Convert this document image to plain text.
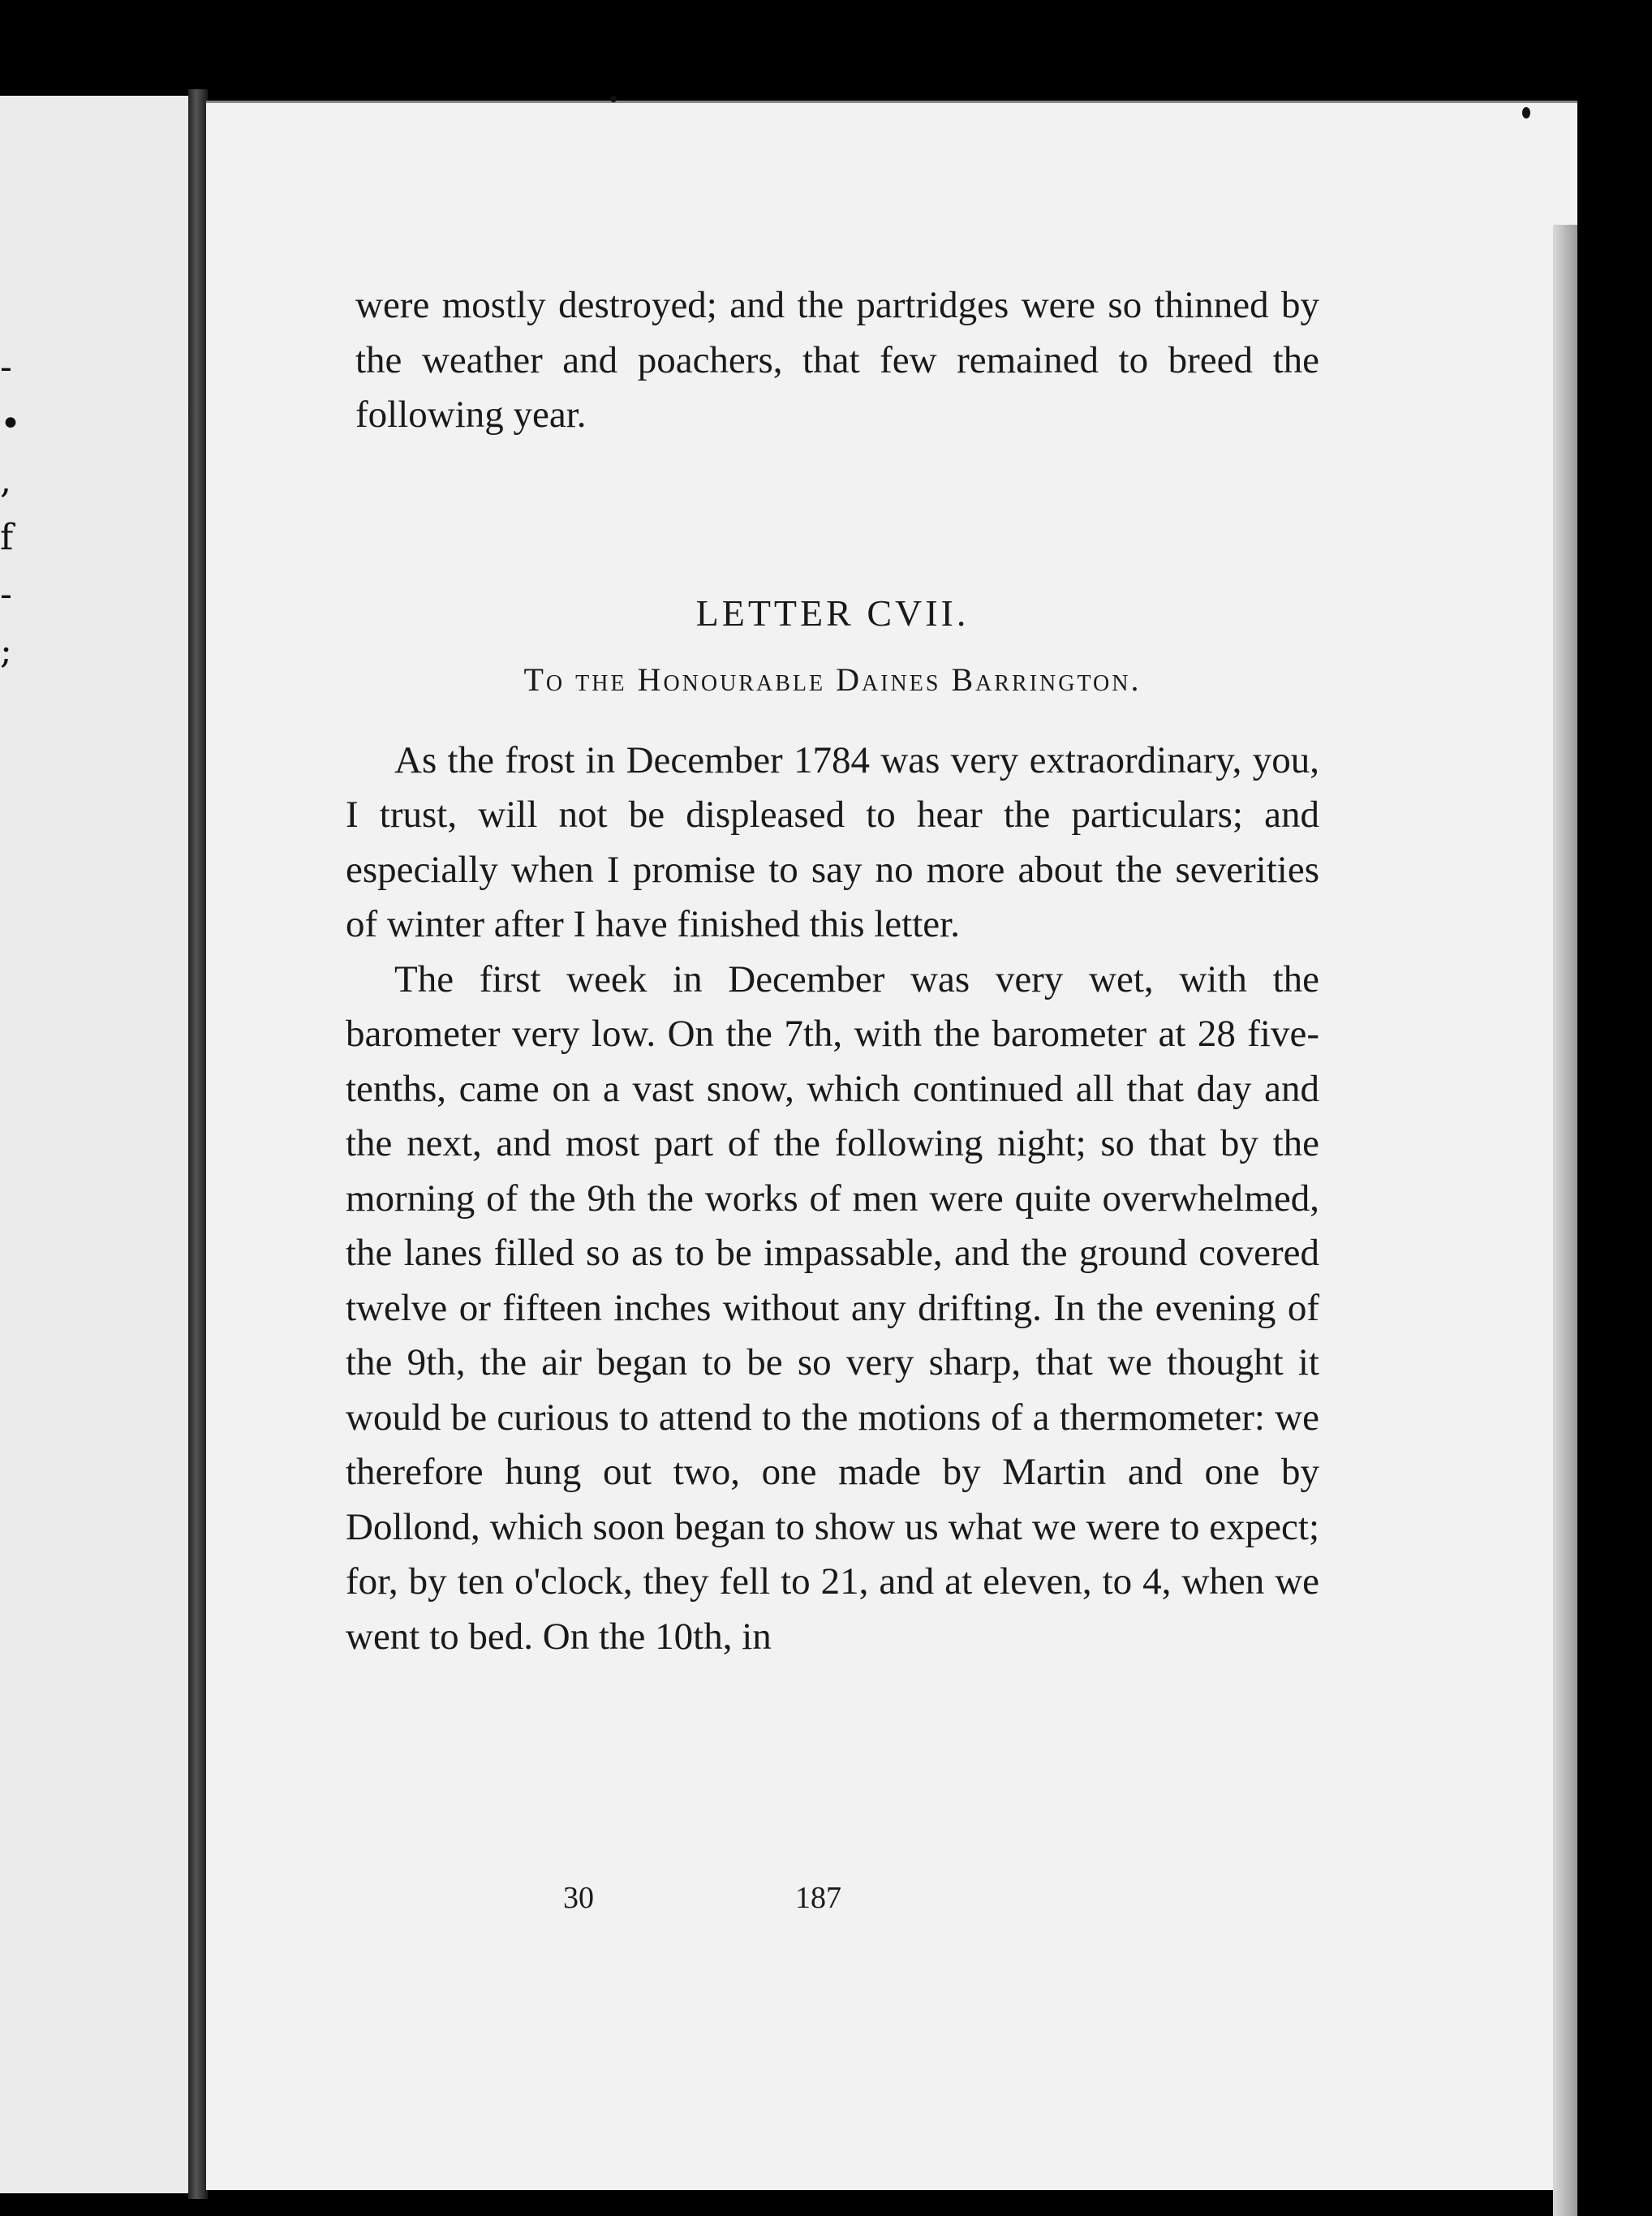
-
•
,
f
-
;

were mostly destroyed; and the partridges were so thinned by the weather and poachers, that few remained to breed the following year.

LETTER CVII.
To the Honourable Daines Barrington.

As the frost in December 1784 was very extraordinary, you, I trust, will not be displeased to hear the particulars; and especially when I promise to say no more about the severities of winter after I have finished this letter.

The first week in December was very wet, with the barometer very low. On the 7th, with the barometer at 28 five-tenths, came on a vast snow, which continued all that day and the next, and most part of the following night; so that by the morning of the 9th the works of men were quite overwhelmed, the lanes filled so as to be impassable, and the ground covered twelve or fifteen inches without any drifting. In the evening of the 9th, the air began to be so very sharp, that we thought it would be curious to attend to the motions of a thermometer: we therefore hung out two, one made by Martin and one by Dollond, which soon began to show us what we were to expect; for, by ten o'clock, they fell to 21, and at eleven, to 4, when we went to bed. On the 10th, in

30	187
